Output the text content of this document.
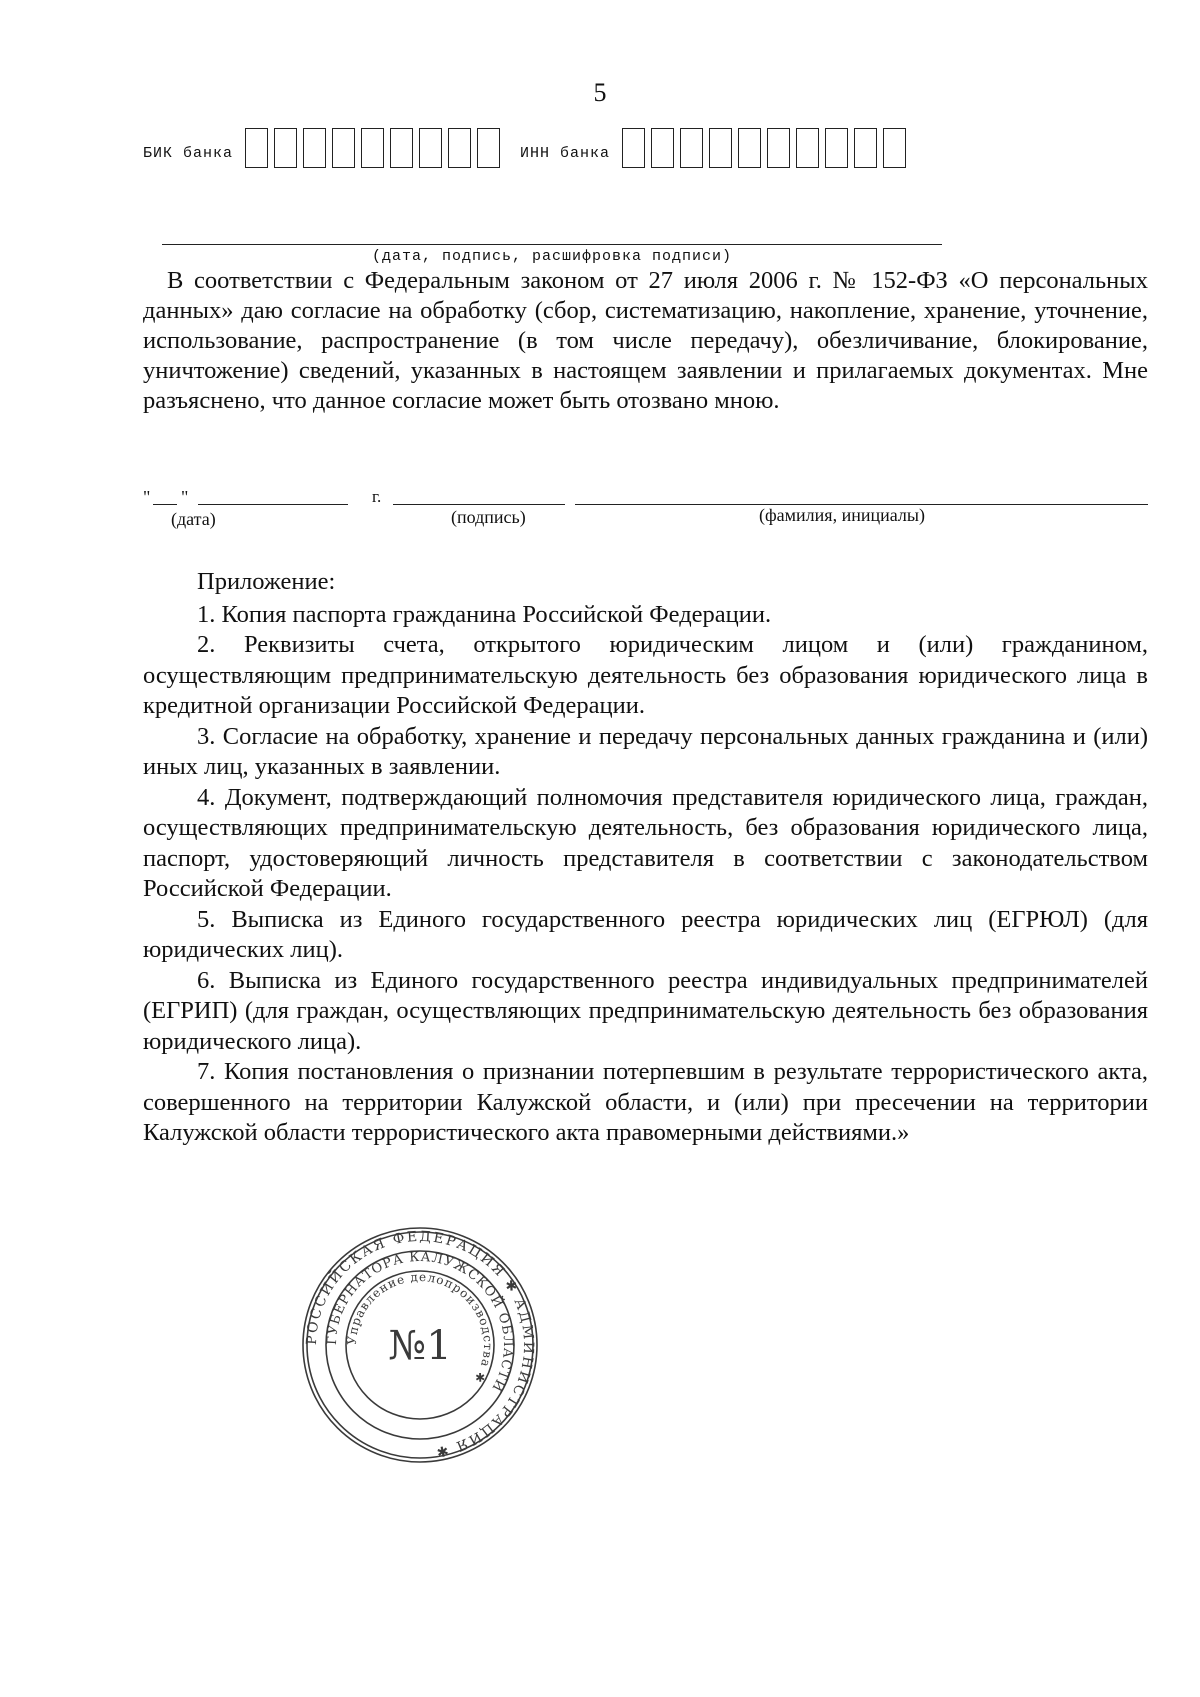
5
БИК банка	ИНН банка
(дата, подпись, расшифровка подписи)

В соответствии с Федеральным законом от 27 июля 2006 г. № 152-ФЗ «О персональных данных» даю согласие на обработку (сбор, систематизацию, накопление, хранение, уточнение, использование, распространение (в том числе передачу), обезличивание, блокирование, уничтожение) сведений, указанных в настоящем заявлении и прилагаемых документах. Мне разъяснено, что данное согласие может быть отозвано мною.

" "	г.
(дата)	(подпись)	(фамилия, инициалы)

Приложение:

1. Копия паспорта гражданина Российской Федерации.

2. Реквизиты счета, открытого юридическим лицом и (или) гражданином, осуществляющим предпринимательскую деятельность без образования юридического лица в кредитной организации Российской Федерации.

3. Согласие на обработку, хранение и передачу персональных данных гражданина и (или) иных лиц, указанных в заявлении.

4. Документ, подтверждающий полномочия представителя юридического лица, граждан, осуществляющих предпринимательскую деятельность, без образования юридического лица, паспорт, удостоверяющий личность представителя в соответствии с законодательством Российской Федерации.

5. Выписка из Единого государственного реестра юридических лиц (ЕГРЮЛ) (для юридических лиц).

6. Выписка из Единого государственного реестра индивидуальных предпринимателей (ЕГРИП) (для граждан, осуществляющих предпринимательскую деятельность без образования юридического лица).

7. Копия постановления о признании потерпевшим в результате террористического акта, совершенного на территории Калужской области, и (или) при пресечении на территории Калужской области террористического акта правомерными действиями.»

РОССИЙСКАЯ ФЕДЕРАЦИЯ ✱ АДМИНИСТРАЦИЯ ✱
ГУБЕРНАТОРА КАЛУЖСКОЙ ОБЛАСТИ
Управление делопроизводства ✱
№1
